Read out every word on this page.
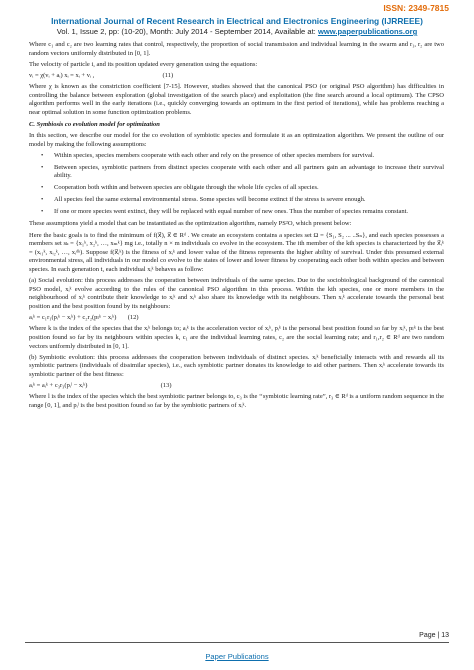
ISSN: 2349-7815
International Journal of Recent Research in Electrical and Electronics Engineering (IJRREEE)
Vol. 1, Issue 2, pp: (10-20), Month: July 2014 - September 2014, Available at: www.paperpublications.org

Where c₁ and c₂ are two learning rates that control, respectively, the proportion of social transmission and individual learning in the swarm and r₁, r₂ are two random vectors uniformly distributed in [0, 1].

The velocity of particle i, and its position updated every generation using the equations:

vᵢ = χ(vᵢ + aᵢ) xᵢ = xᵢ + vᵢ ,	(11)

Where χ is known as the constriction coefficient [7-15]. However, studies showed that the canonical PSO (or original PSO algorithm) has difficulties in controlling the balance between exploration (global investigation of the search place) and exploitation (the fine search around a local optimum). The CPSO algorithm performs well in the early iterations (i.e., quickly converging towards an optimum in the first period of iterations), while has problems reaching a near optimal solution in some function optimization problems.

C. Symbiosis co evolution model for optimization

In this section, we describe our model for the co evolution of symbiotic species and formulate it as an optimization algorithm. We present the outline of our model by making the following assumptions:

• Within species, species members cooperate with each other and rely on the presence of other species members for survival.
• Between species, symbiotic partners from distinct species cooperate with each other and all partners gain an advantage to increase their survival ability.
• Cooperation both within and between species are obligate through the whole life cycles of all species.
• All species feel the same external environmental stress. Some species will become extinct if the stress is severe enough.
• If one or more species went extinct, they will be replaced with equal number of new ones. Thus the number of species remains constant.

These assumptions yield a model that can be instantiated as the optimization algorithm, namely PS²O, which present below:

Here the basic goals is to find the minimum of f(x⃗), x⃗ ∈ Rᵈ . We create an ecosystem contains a species set Ω = {S₁, S₂ ... ..Sₙ}, and each species possesses a members set sₖ = {x₁ᵏ, x₂ᵏ, …, xₘᵏ} mg i.e., totally n × m individuals co evolve in the ecosystem. The ith member of the kth species is characterized by the x⃗ᵢᵏ = (xᵢ₁ᵏ, xᵢ₂ᵏ, …, xᵢᵈᵏ). Suppose f(x⃗ᵢᵏ) is the fitness of xᵢᵏ and lower value of the fitness represents the higher ability of survival. Under this presumed external environmental stress, all individuals in our model co evolve to the states of lower and lower fitness by cooperating each other both within species and between species. In each generation t, each individual xᵢᵏ behaves as follow:

(a) Social evolution: this process addresses the cooperation between individuals of the same species. Due to the sociobiological background of the canonical PSO model, xᵢᵏ evolve according to the rules of the canonical PSO algorithm in this process. Within the kth species, one or more members in the neighbourhood of xᵢᵏ contribute their knowledge to xᵢᵏ and xᵢᵏ also share its knowledge with its neighbours. Then xᵢᵏ accelerate towards the personal best position and the best position found by its neighbours:

aᵢᵏ = c₁r₁(pᵢᵏ − xᵢᵏ) + c₂r₂(pₗᵏ − xᵢᵏ) (12)

Where k is the index of the species that the xᵢᵏ belongs to; aᵢᵏ is the acceleration vector of xᵢᵏ, pᵢᵏ is the personal best position found so far by xᵢᵏ, pₗᵏ is the best position found so far by its neighbours within species k, c₁ are the individual learning rates, c₂ are the social learning rate; and r₁,r₂ ∈ Rᵈ are two random vectors uniformly distributed in [0, 1].

(b) Symbiotic evolution: this process addresses the cooperation between individuals of distinct species. xᵢᵏ beneficially interacts with and rewards all its symbiotic partners (individuals of dissimilar species), i.e., each symbiotic partner donates its knowledge to aid other partners. Then xᵢᵏ accelerate towards its symbiotic partner of the best fitness:

aᵢᵏ = aᵢᵏ + c₃r₃(pᵢˡ − xᵢᵏ)	(13)

Where l is the index of the species which the best symbiotic partner belongs to, c₃ is the ‘‘symbiotic learning rate”, r₃ ∈ Rᵈ is a uniform random sequence in the range [0, 1], and pᵢˡ is the best position found so far by the symbiotic partners of xᵢᵏ.

Page | 13
Paper Publications
